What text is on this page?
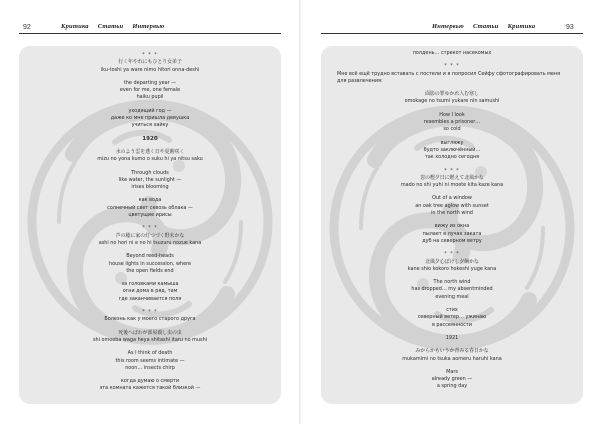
92	Критика Статьи Интервью
* * *
行く年やれにもひとり女弟子
iku-toshi ya ware nimo hitori onna-deshi
the departing year —
even for me, one female
haiku pupil
уходящий год —
даже ко мне пришла девушка
учиться хайку
1920
水のよう雲を透く日や夏薊咲く
mizu no yona kumo o suku hi ya nitsu saku
Through clouds
like water, the sunlight —
irises blooming
как вода
солнечный свет сквозь облака —
цветущие ирисы
* * *
芦の穂に家の灯つづく野末かな
ashi no hori ni e no hi tsuzuru nozue kana
Beyond reed-heads
house lights in succession, where
the open fields end
за головками камыша
огни дома в ряд, там
где заканчивается поля
* * *
Болезнь как у моего старого друга
死後へばわが部屋親し虫の虫
shi omoeba waga heya shitashi itaru no mushi
As I think of death
this room seems intimate —
noon… insects chirp
когда думаю о смерти
эта комната кажется такой близкой —
Интервью Статьи Критика	93
полдень… стрекот насекомых
* * *
Мне всё ещё трудно вставать с постели и я попросил Сейфу сфотографировать меня для развлечения:
面影の罪ゆかれ人む寒し
omokage no tsumi yukare nin samushi
How I look
resembles a prisoner…
so cold
выгляжу
будто заключённый…
так холодно сегодня
* * *
窓の樫夕日に燃えて北風かな
mado no shi yuhi ni moete kita kaze kana
Out of a window
an oak tree aglow with sunset
in the north wind
вижу из окна
пылает в лучах заката
дуб на северном ветру
* * *
北風夕心ぼけし夕餉かな
kane shio kokoro hokeshi yuge kana
The north wind
has dropped… my absentminded
evening meal
стих
северный ветер… ужинаю
в рассеянности
1921
みからかもいうか青みる春日かな
mukamimi no tsuka aomeru haruhi kana
Mars
already green —
a spring day
